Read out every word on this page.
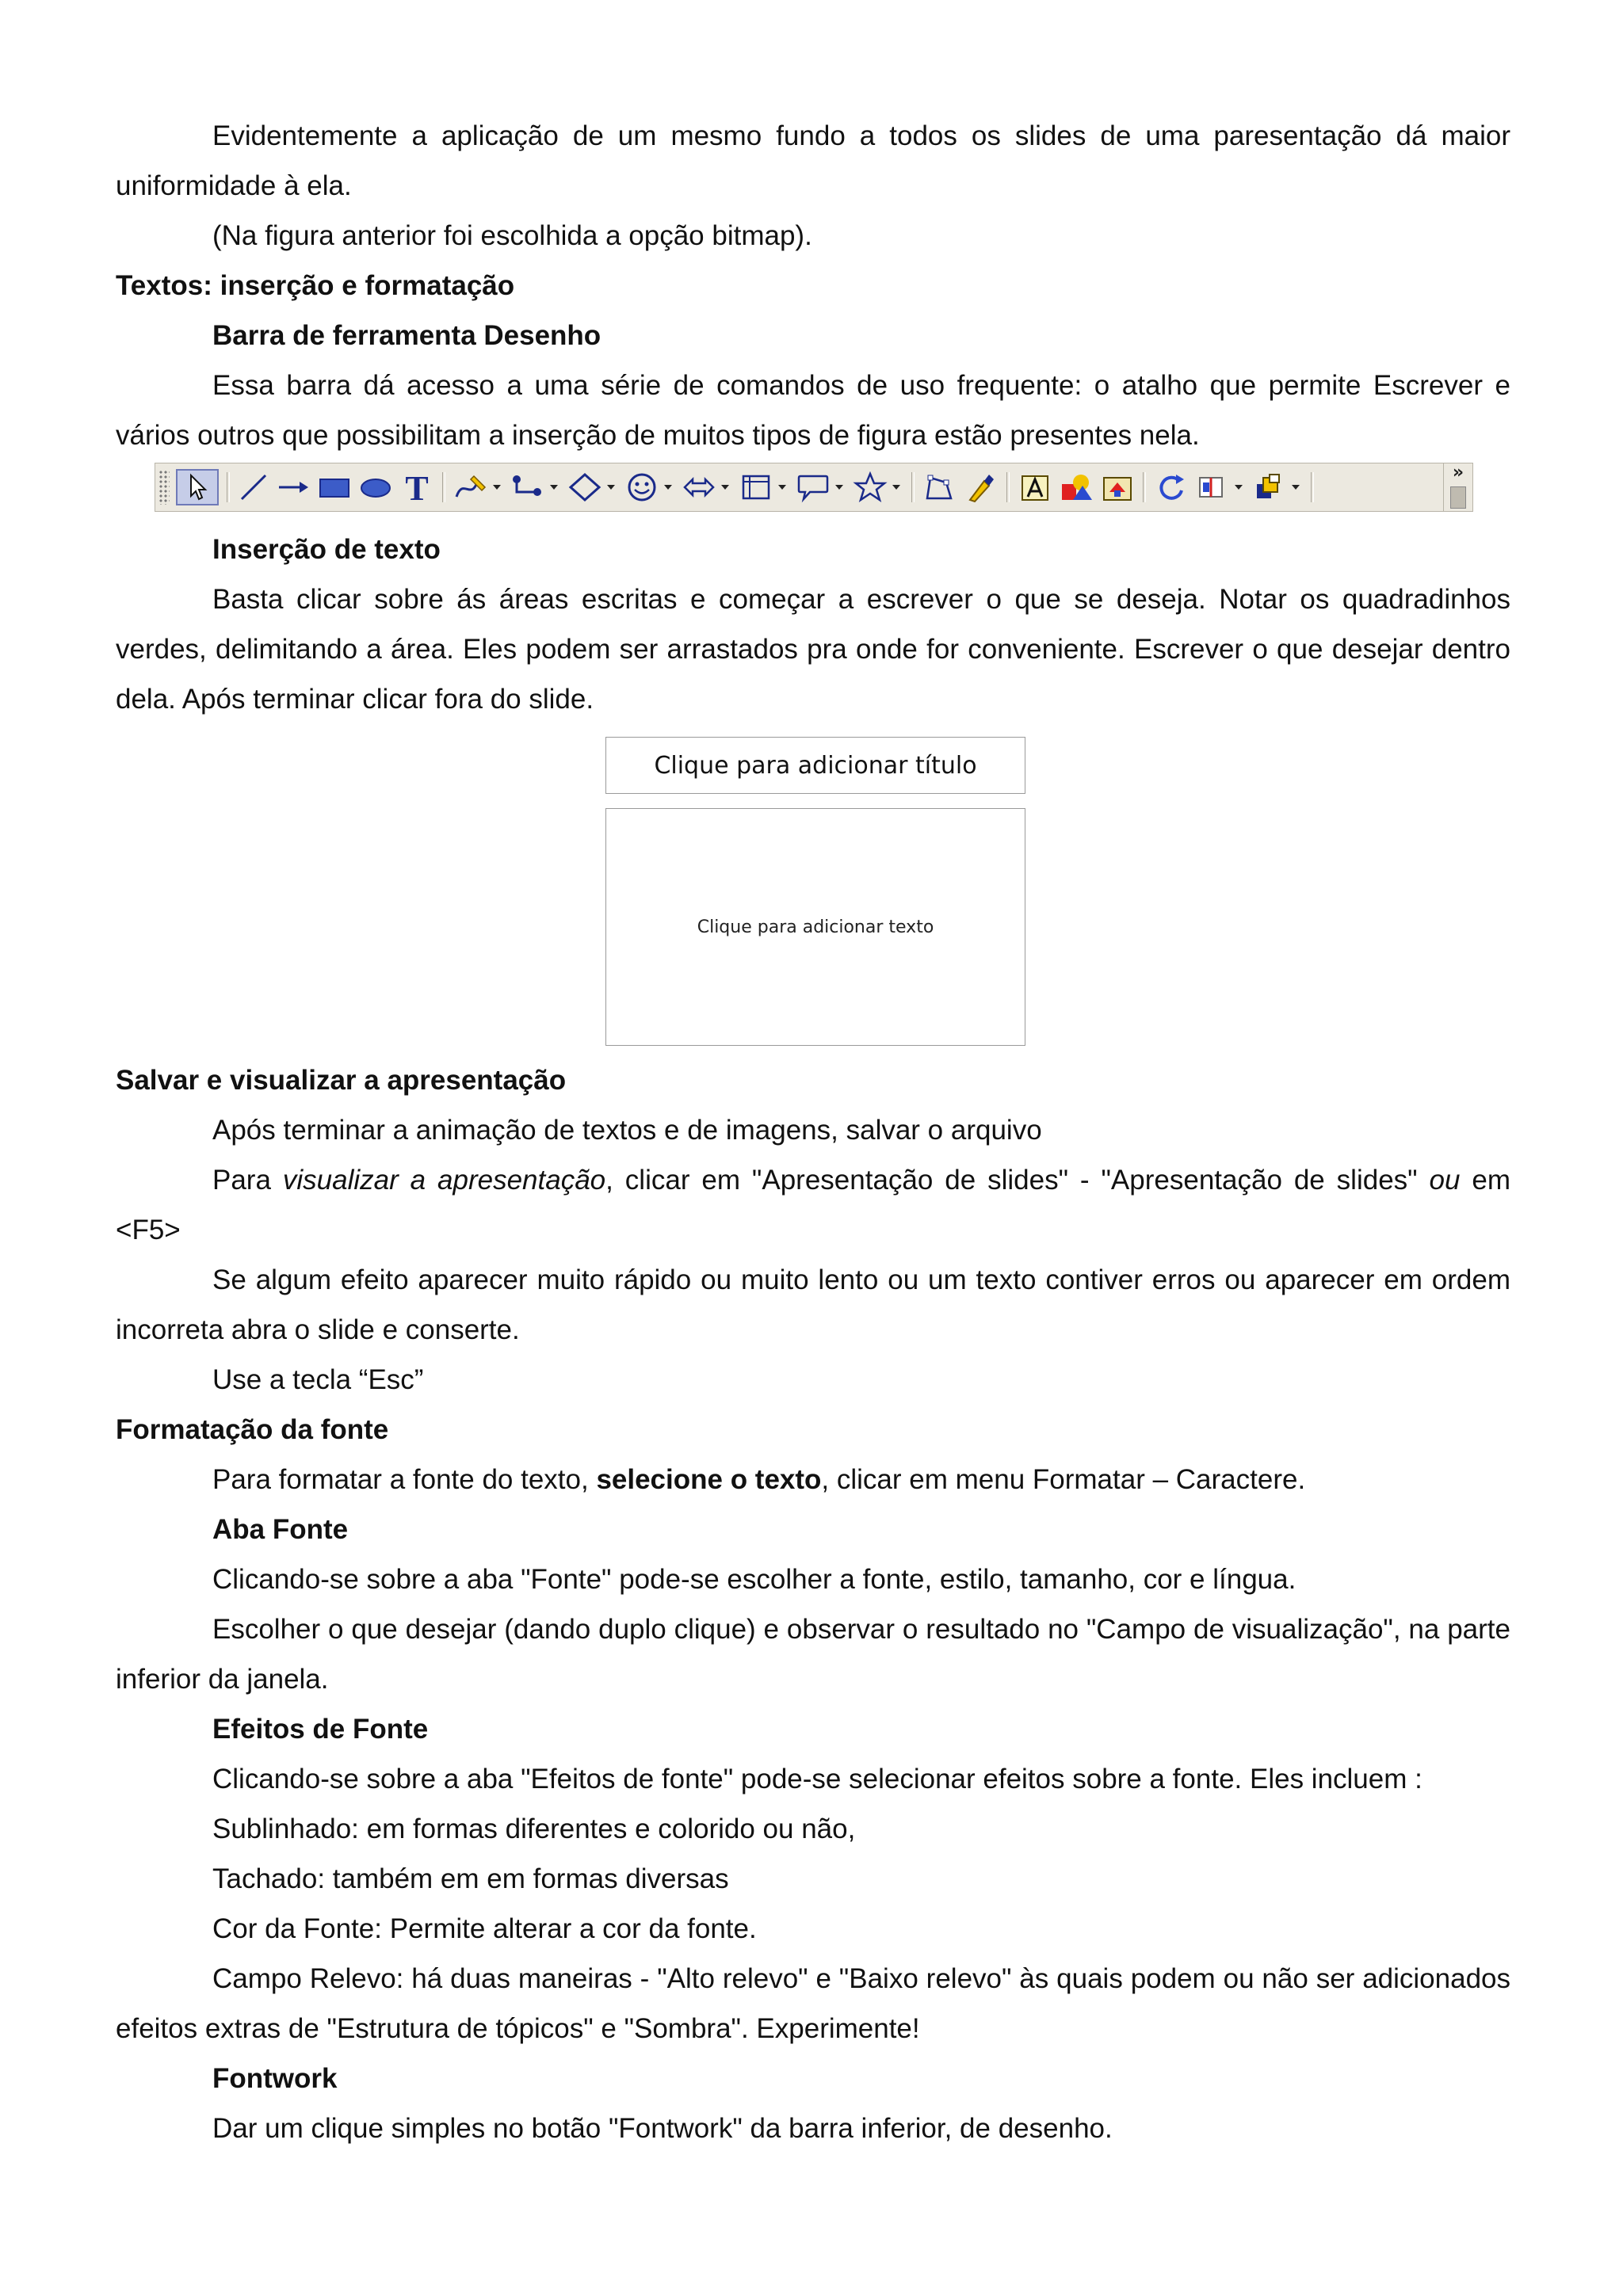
Evidentemente a aplicação de um mesmo fundo a todos os slides de uma paresentação dá maior uniformidade à ela.

(Na figura anterior foi escolhida a opção bitmap).

Textos: inserção e formatação

Barra de ferramenta Desenho

Essa barra dá acesso a uma série de comandos de uso frequente: o atalho que permite Escrever e vários outros que possibilitam a inserção de muitos tipos de figura estão presentes nela.

T	»

Inserção de texto

Basta clicar sobre ás áreas escritas e começar a escrever o que se deseja. Notar os quadradinhos verdes, delimitando a área. Eles podem ser arrastados pra onde for conveniente. Escrever o que desejar dentro dela. Após terminar clicar fora do slide.

Clique para adicionar título
Clique para adicionar texto
Salvar e visualizar a apresentação

Após terminar a animação de textos e de imagens, salvar o arquivo

Para visualizar a apresentação, clicar em "Apresentação de slides" - "Apresentação de slides" ou em <F5>

Se algum efeito aparecer muito rápido ou muito lento ou um texto contiver erros ou aparecer em ordem incorreta abra o slide e conserte.

Use a tecla “Esc”

Formatação da fonte

Para formatar a fonte do texto, selecione o texto, clicar em menu Formatar – Caractere.

Aba Fonte

Clicando-se sobre a aba "Fonte" pode-se escolher a fonte, estilo, tamanho, cor e língua.

Escolher o que desejar (dando duplo clique) e observar o resultado no "Campo de visualização", na parte inferior da janela.

Efeitos de Fonte

Clicando-se sobre a aba "Efeitos de fonte" pode-se selecionar efeitos sobre a fonte. Eles incluem :

Sublinhado: em formas diferentes e colorido ou não,

Tachado: também em em formas diversas

Cor da Fonte: Permite alterar a cor da fonte.

Campo Relevo: há duas maneiras - "Alto relevo" e "Baixo relevo" às quais podem ou não ser adicionados efeitos extras de "Estrutura de tópicos" e "Sombra". Experimente!

Fontwork

Dar um clique simples no botão "Fontwork" da barra inferior, de desenho.
